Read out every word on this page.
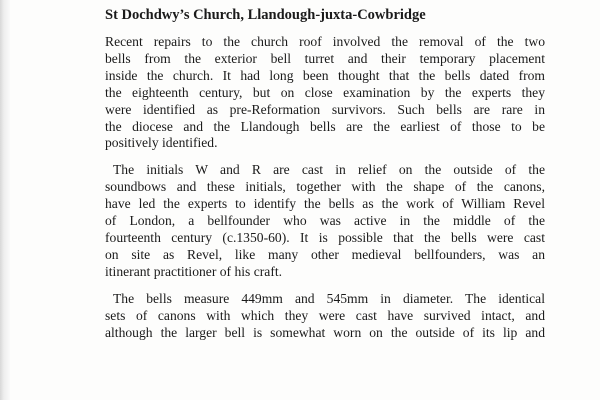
St Dochdwy’s Church, Llandough-juxta-Cowbridge
Recent repairs to the church roof involved the removal of the two
bells from the exterior bell turret and their temporary placement
inside the church. It had long been thought that the bells dated from
the eighteenth century, but on close examination by the experts they
were identified as pre-Reformation survivors. Such bells are rare in
the diocese and the Llandough bells are the earliest of those to be
positively identified.
The initials W and R are cast in relief on the outside of the
soundbows and these initials, together with the shape of the canons,
have led the experts to identify the bells as the work of William Revel
of London, a bellfounder who was active in the middle of the
fourteenth century (c.1350-60). It is possible that the bells were cast
on site as Revel, like many other medieval bellfounders, was an
itinerant practitioner of his craft.
The bells measure 449mm and 545mm in diameter. The identical
sets of canons with which they were cast have survived intact, and
although the larger bell is somewhat worn on the outside of its lip and
